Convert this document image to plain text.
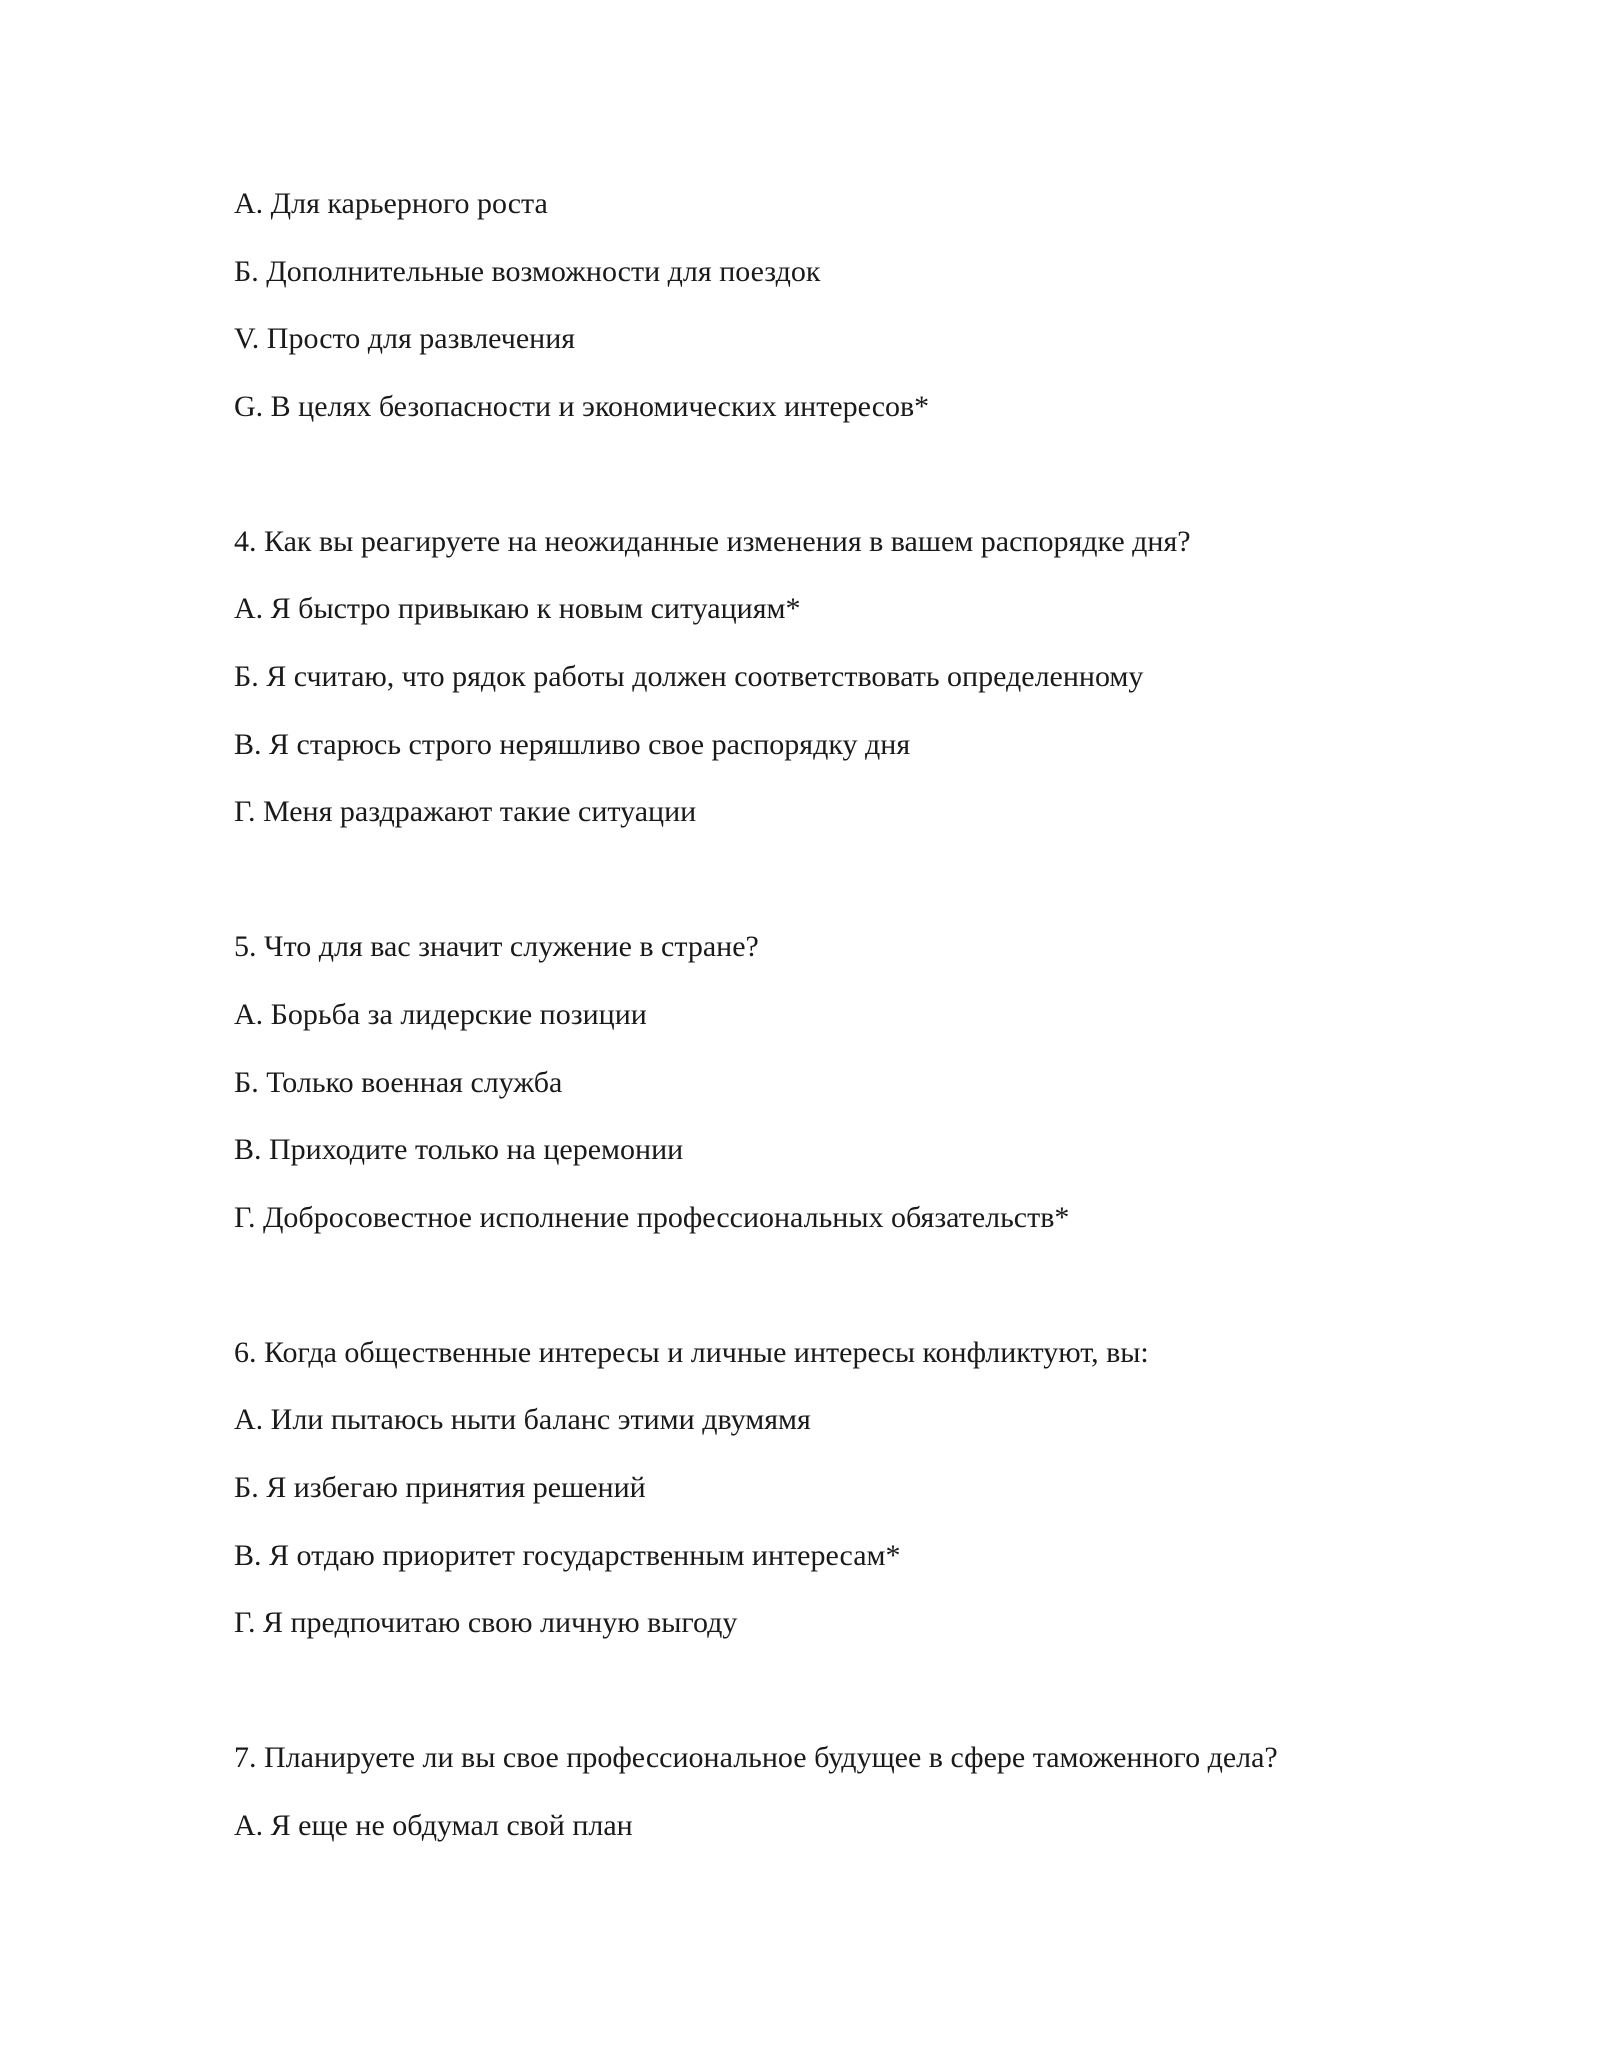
A. Для карьерного роста
Б. Дополнительные возможности для поездок
V. Просто для развлечения
G. В целях безопасности и экономических интересов*
4. Как вы реагируете на неожиданные изменения в вашем распорядке дня?
А. Я быстро привыкаю к новым ситуациям*
Б. Я считаю, что рядок работы должен соответствовать определенному
В. Я старюсь строго неряшливо свое распорядку дня
Г. Меня раздражают такие ситуации
5. Что для вас значит служение в стране?
А. Борьба за лидерские позиции
Б. Только военная служба
В. Приходите только на церемонии
Г. Добросовестное исполнение профессиональных обязательств*
6. Когда общественные интересы и личные интересы конфликтуют, вы:
А. Или пытаюсь ныти баланс этими двумямя
Б. Я избегаю принятия решений
В. Я отдаю приоритет государственным интересам*
Г. Я предпочитаю свою личную выгоду
7. Планируете ли вы свое профессиональное будущее в сфере таможенного дела?
А. Я еще не обдумал свой план
